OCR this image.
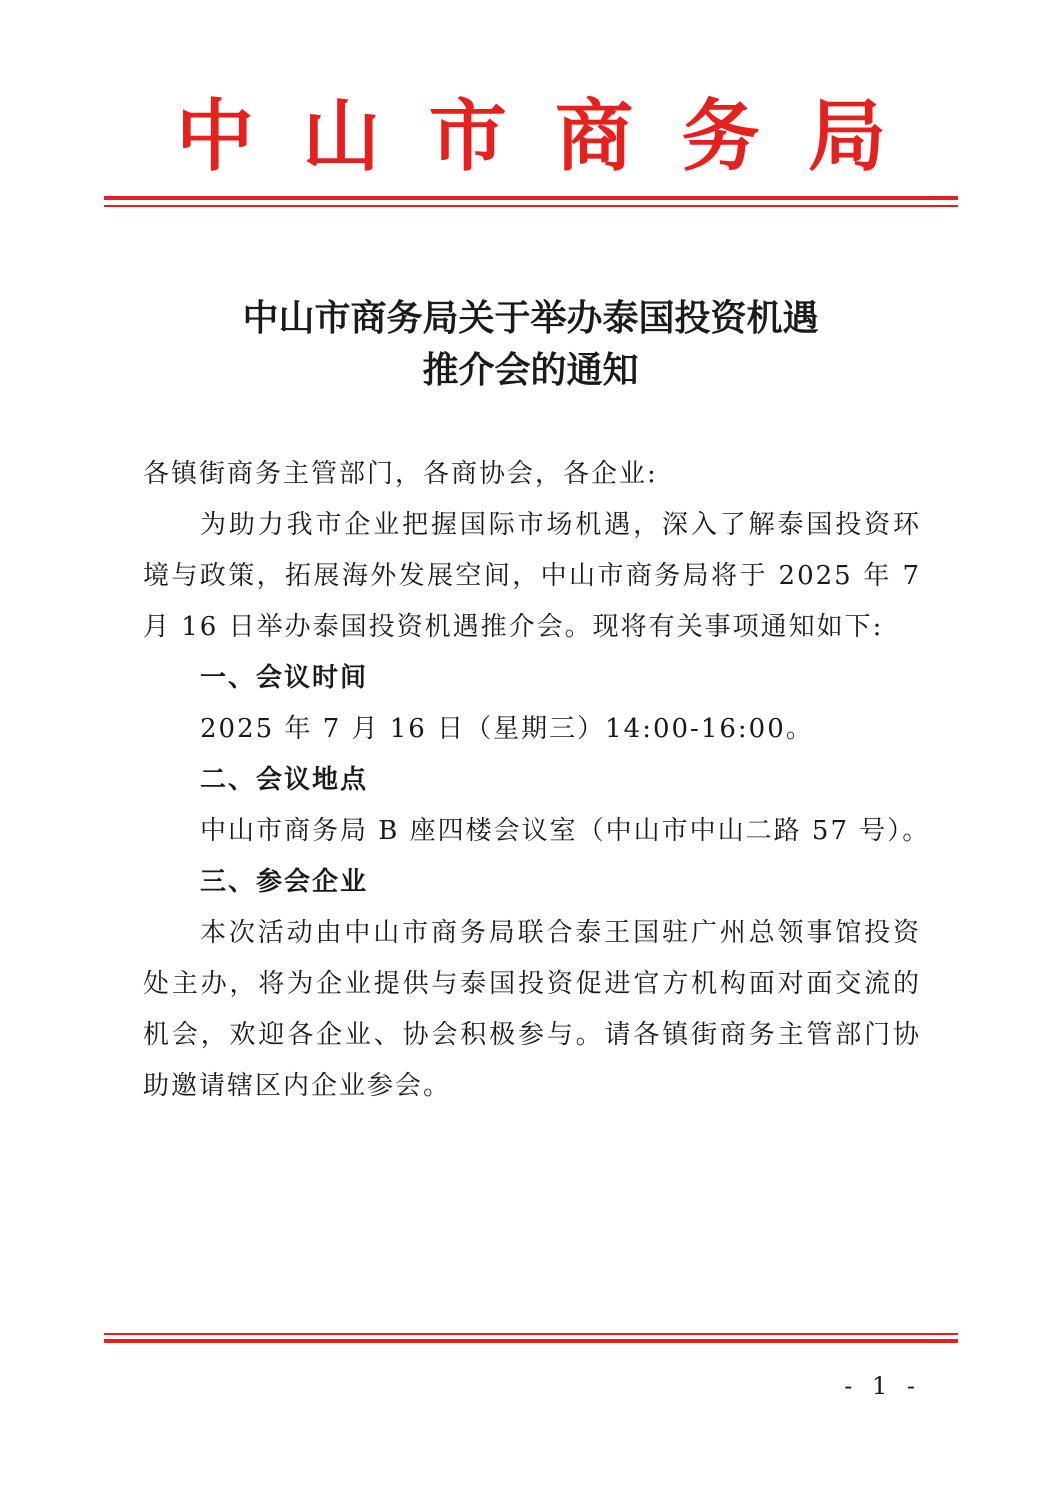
中 山 市 商 务 局
中山市商务局关于举办泰国投资机遇
推介会的通知
各镇街商务主管部门，各商协会，各企业:
为助力我市企业把握国际市场机遇，深入了解泰国投资环
境与政策，拓展海外发展空间，中山市商务局将于 2025 年 7
月 16 日举办泰国投资机遇推介会。现将有关事项通知如下:
一、会议时间
2025 年 7 月 16 日（星期三）14:00-16:00。
二、会议地点
中山市商务局 B 座四楼会议室（中山市中山二路 57 号）。
三、参会企业
本次活动由中山市商务局联合泰王国驻广州总领事馆投资
处主办，将为企业提供与泰国投资促进官方机构面对面交流的
机会，欢迎各企业、协会积极参与。请各镇街商务主管部门协
助邀请辖区内企业参会。
- 1 -
